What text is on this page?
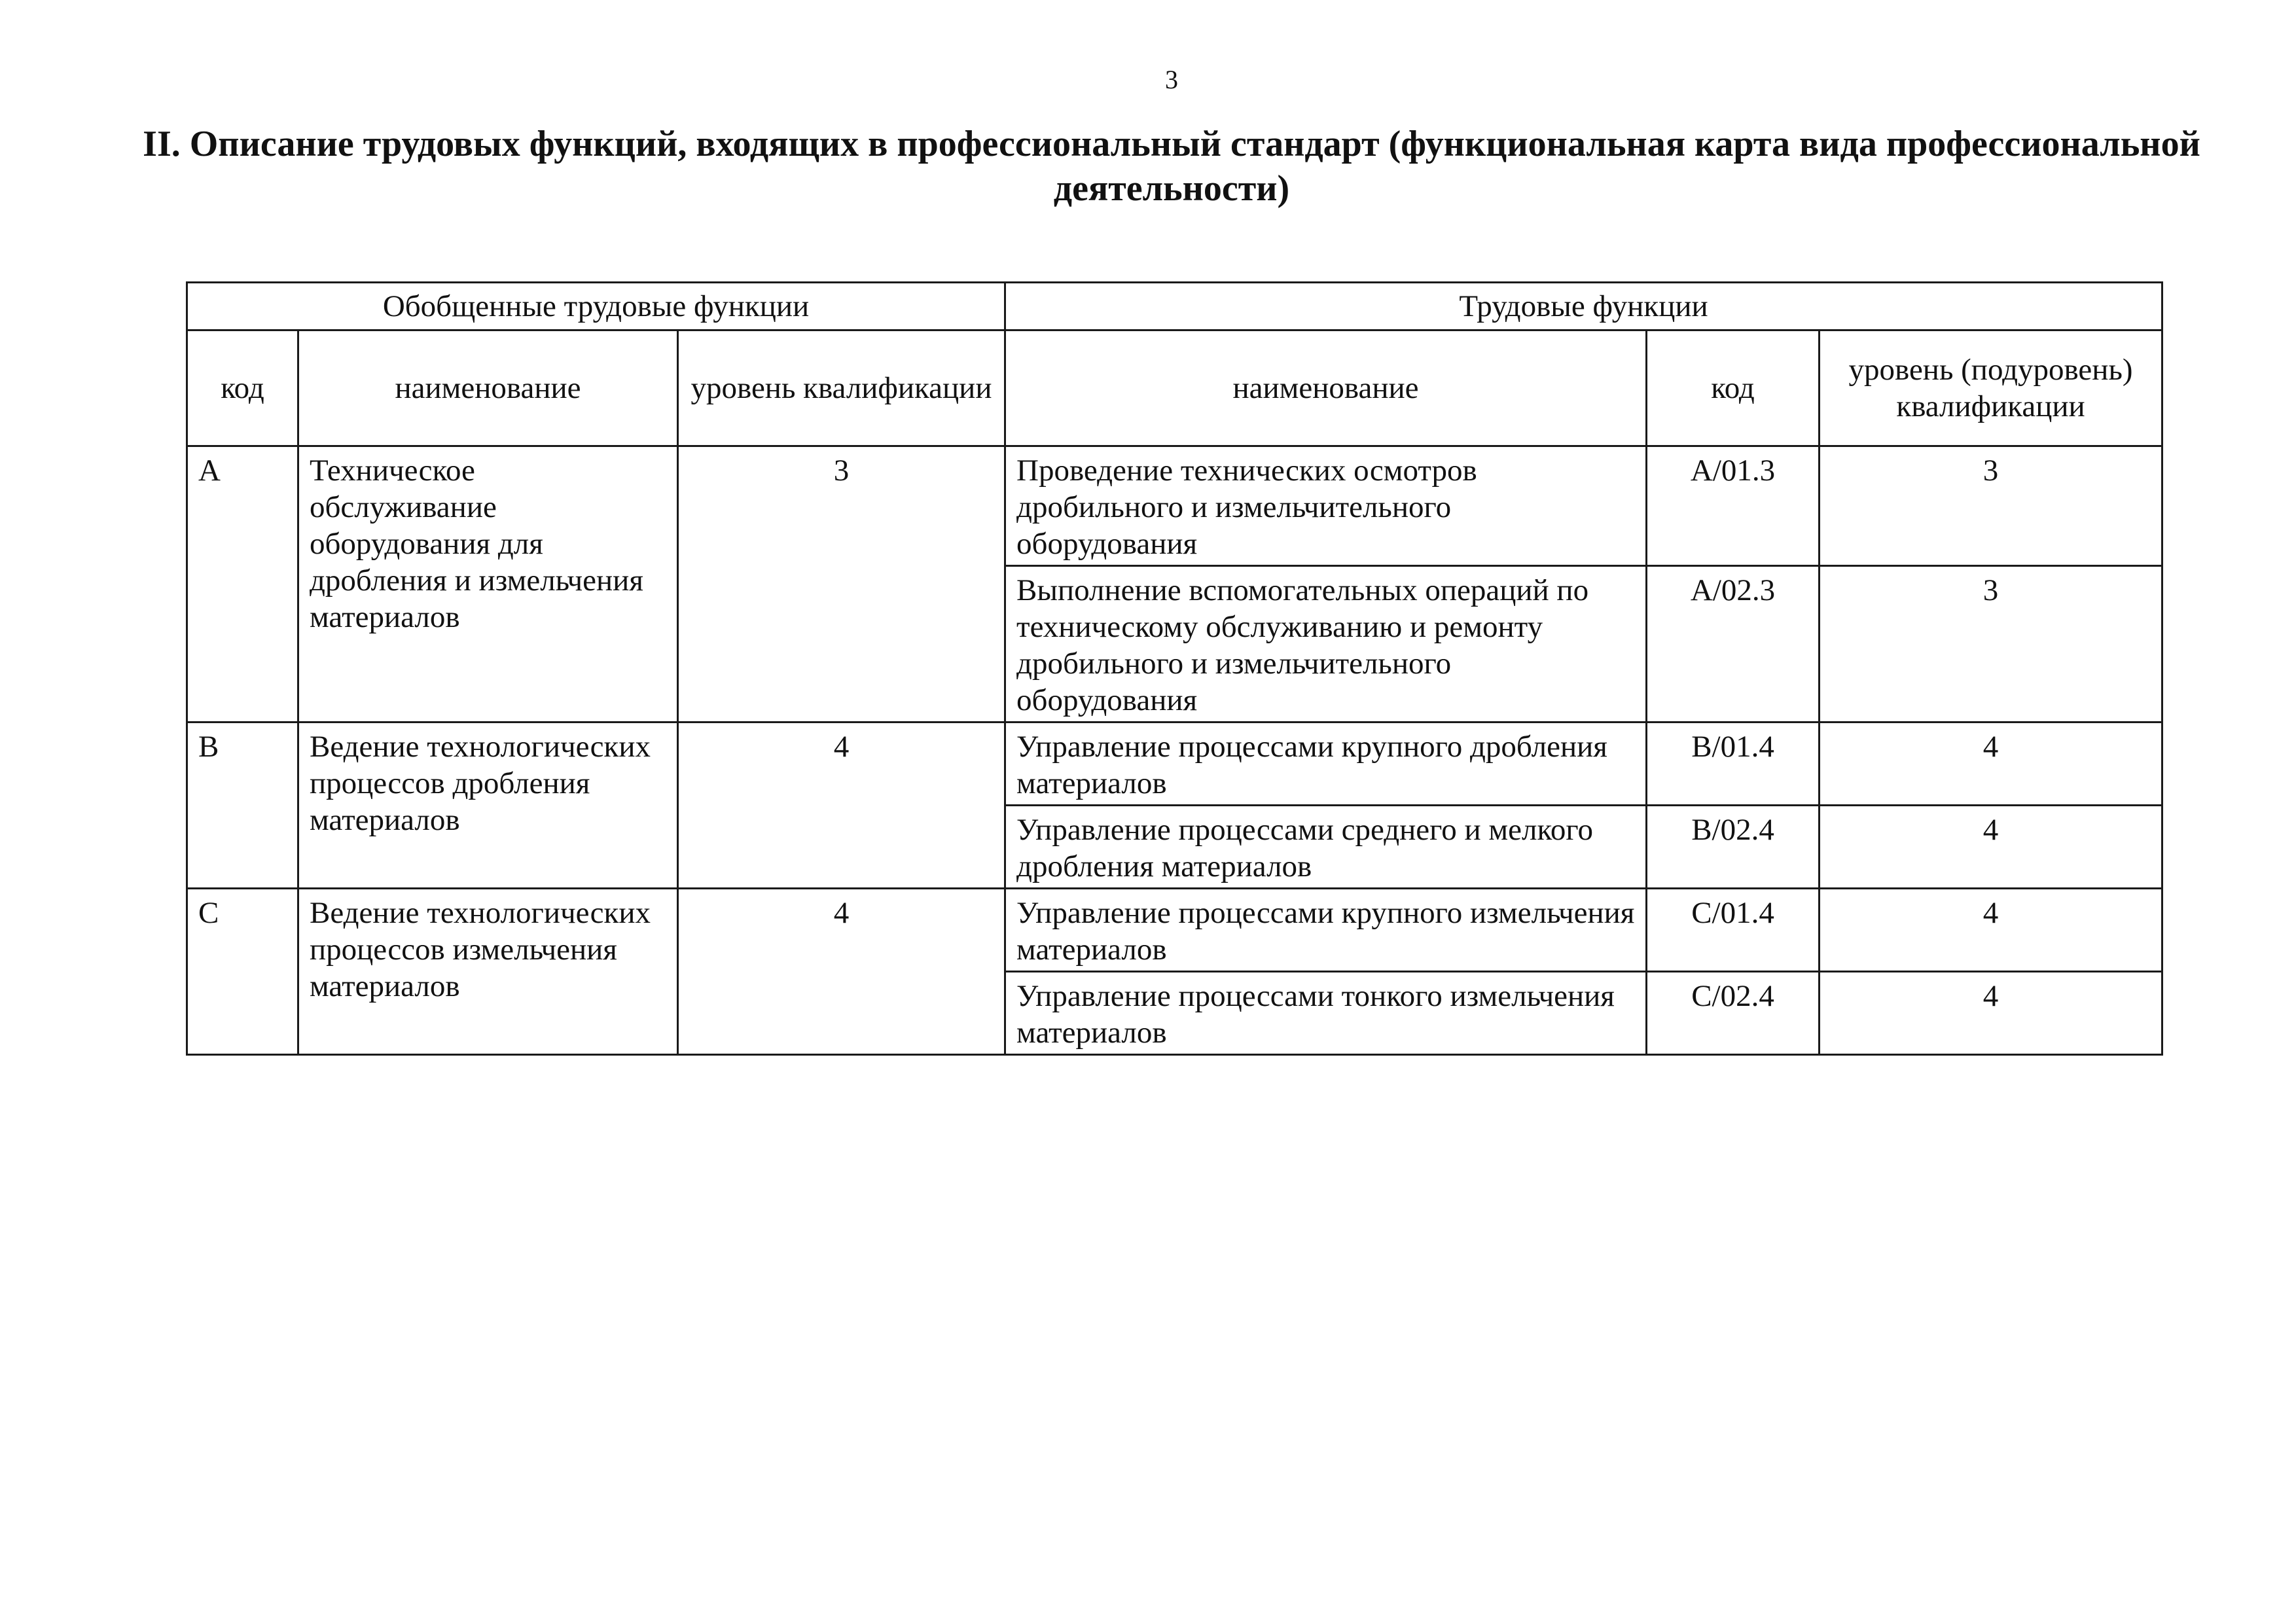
3
II. Описание трудовых функций, входящих в профессиональный стандарт (функциональная карта вида профессиональной деятельности)
Обобщенные трудовые функции			Трудовые функции		
код	наименование	уровень квалификации	наименование	код	уровень (подуровень) квалификации
A	Техническое обслуживание оборудования для дробления и измельчения материалов	3	Проведение технических осмотров дробильного и измельчительного оборудования	A/01.3	3
			Выполнение вспомогательных операций по техническому обслуживанию и ремонту дробильного и измельчительного оборудования	A/02.3	3
B	Ведение технологических процессов дробления материалов	4	Управление процессами крупного дробления материалов	B/01.4	4
			Управление процессами среднего и мелкого дробления материалов	B/02.4	4
C	Ведение технологических процессов измельчения материалов	4	Управление процессами крупного измельчения материалов	C/01.4	4
			Управление процессами тонкого измельчения материалов	C/02.4	4
